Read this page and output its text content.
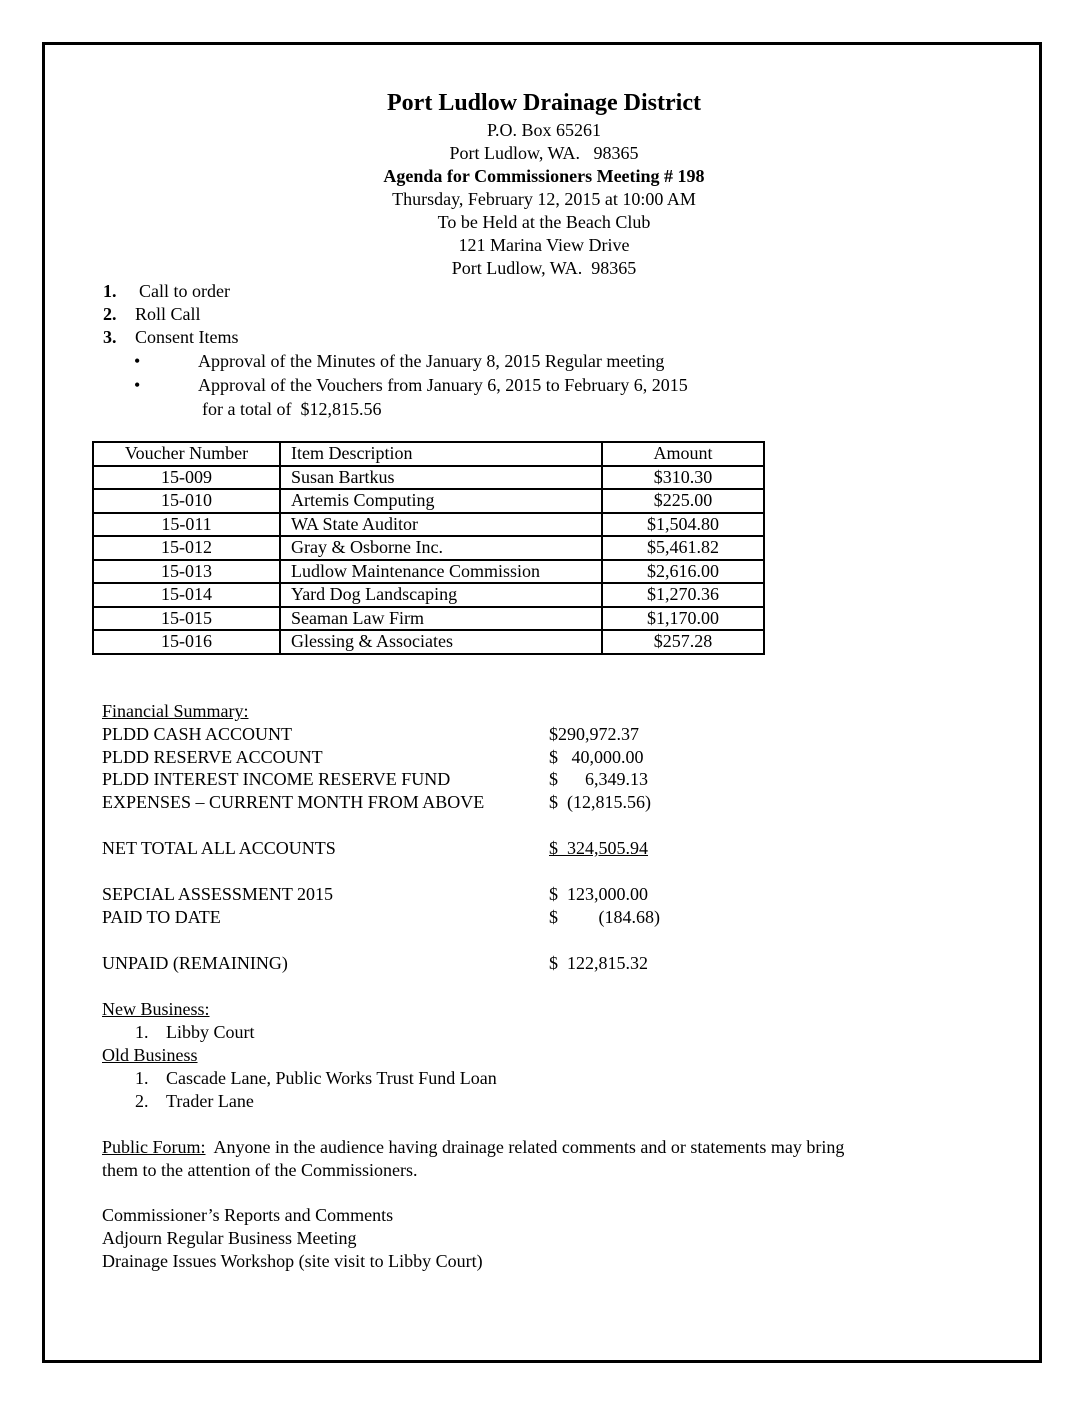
Port Ludlow Drainage District
P.O. Box 65261
Port Ludlow, WA.   98365
Agenda for Commissioners Meeting # 198
Thursday, February 12, 2015 at 10:00 AM
To be Held at the Beach Club
121 Marina View Drive
Port Ludlow, WA.  98365
1. Call to order
2. Roll Call
3. Consent Items
•	Approval of the Minutes of the January 8, 2015 Regular meeting
•	Approval of the Vouchers from January 6, 2015 to February 6, 2015
for a total of  $12,815.56
Voucher Number	Item Description	Amount
15-009	Susan Bartkus	$310.30
15-010	Artemis Computing	$225.00
15-011	WA State Auditor	$1,504.80
15-012	Gray & Osborne Inc.	$5,461.82
15-013	Ludlow Maintenance Commission	$2,616.00
15-014	Yard Dog Landscaping	$1,270.36
15-015	Seaman Law Firm	$1,170.00
15-016	Glessing & Associates	$257.28
Financial Summary:
PLDD CASH ACCOUNT	$290,972.37
PLDD RESERVE ACCOUNT	$   40,000.00
PLDD INTEREST INCOME RESERVE FUND	$      6,349.13
EXPENSES – CURRENT MONTH FROM ABOVE	$  (12,815.56)
NET TOTAL ALL ACCOUNTS	$  324,505.94
SEPCIAL ASSESSMENT 2015	$  123,000.00
PAID TO DATE	$         (184.68)
UNPAID (REMAINING)	$  122,815.32
New Business:
1. Libby Court
Old Business
1. Cascade Lane, Public Works Trust Fund Loan
2. Trader Lane
Public Forum:  Anyone in the audience having drainage related comments and or statements may bring
them to the attention of the Commissioners.
Commissioner’s Reports and Comments
Adjourn Regular Business Meeting
Drainage Issues Workshop (site visit to Libby Court)
